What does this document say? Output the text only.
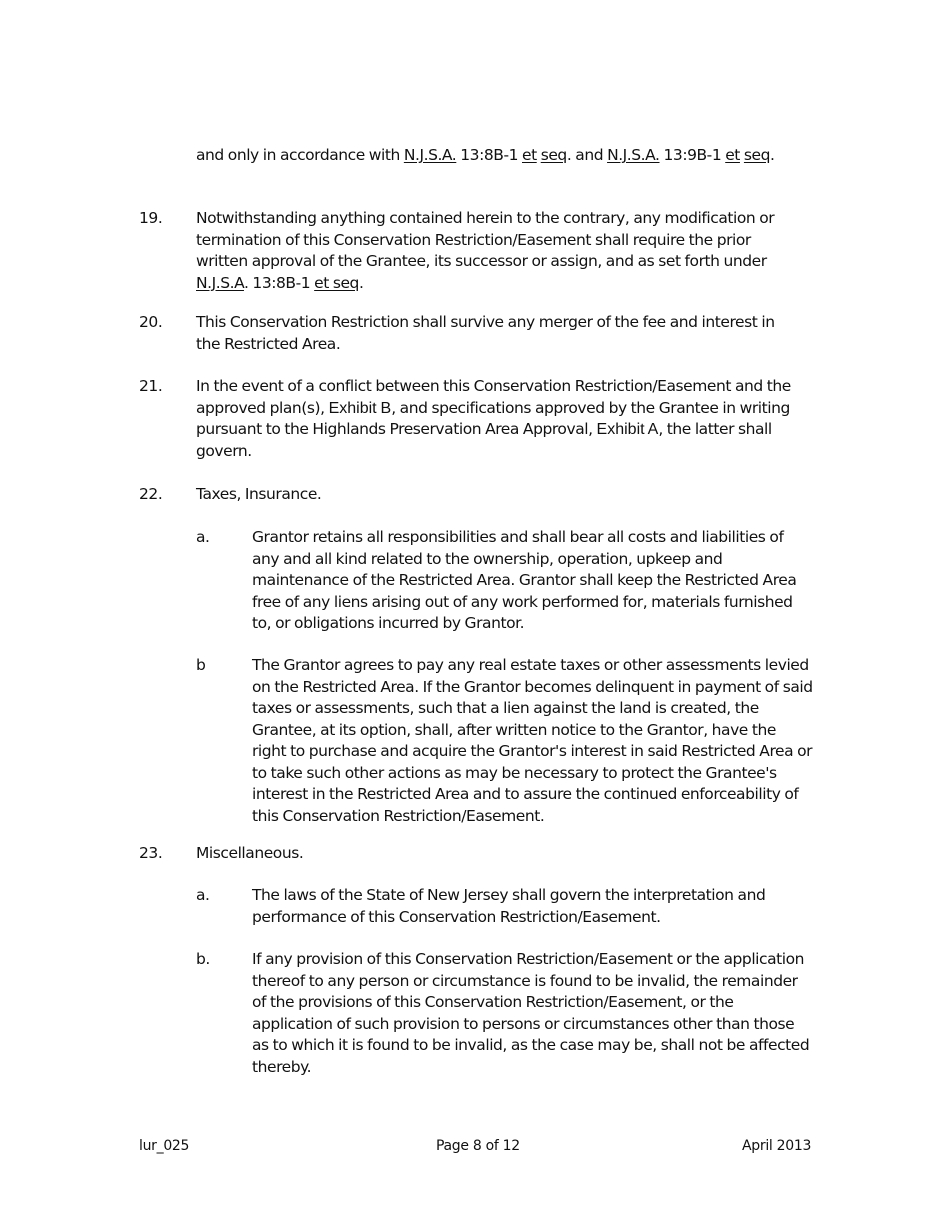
and only in accordance with N.J.S.A. 13:8B-1 et seq. and N.J.S.A. 13:9B-1 et seq.
19. Notwithstanding anything contained herein to the contrary, any modification or termination of this Conservation Restriction/Easement shall require the prior written approval of the Grantee, its successor or assign, and as set forth under N.J.S.A. 13:8B-1 et seq.
20. This Conservation Restriction shall survive any merger of the fee and interest in the Restricted Area.
21. In the event of a conflict between this Conservation Restriction/Easement and the approved plan(s), Exhibit B, and specifications approved by the Grantee in writing pursuant to the Highlands Preservation Area Approval, Exhibit A, the latter shall govern.
22. Taxes, Insurance.
a.	Grantor retains all responsibilities and shall bear all costs and liabilities of any and all kind related to the ownership, operation, upkeep and maintenance of the Restricted Area. Grantor shall keep the Restricted Area free of any liens arising out of any work performed for, materials furnished to, or obligations incurred by Grantor.
b	The Grantor agrees to pay any real estate taxes or other assessments levied on the Restricted Area. If the Grantor becomes delinquent in payment of said taxes or assessments, such that a lien against the land is created, the Grantee, at its option, shall, after written notice to the Grantor, have the right to purchase and acquire the Grantor's interest in said Restricted Area or to take such other actions as may be necessary to protect the Grantee's interest in the Restricted Area and to assure the continued enforceability of this Conservation Restriction/Easement.
23. Miscellaneous.
a.	The laws of the State of New Jersey shall govern the interpretation and performance of this Conservation Restriction/Easement.
b.	If any provision of this Conservation Restriction/Easement or the application thereof to any person or circumstance is found to be invalid, the remainder of the provisions of this Conservation Restriction/Easement, or the application of such provision to persons or circumstances other than those as to which it is found to be invalid, as the case may be, shall not be affected thereby.
lur_025	Page 8 of 12	April 2013
